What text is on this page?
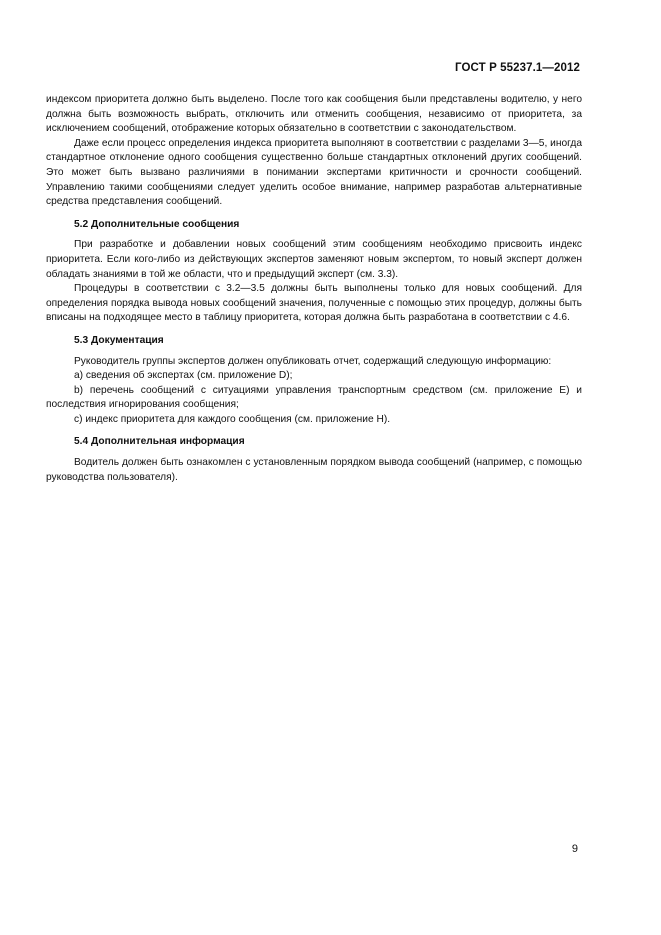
ГОСТ Р 55237.1—2012

индексом приоритета должно быть выделено. После того как сообщения были представлены водителю, у него должна быть возможность выбрать, отключить или отменить сообщения, независимо от приоритета, за исключением сообщений, отображение которых обязательно в соответствии с законодательством.

Даже если процесс определения индекса приоритета выполняют в соответствии с разделами 3—5, иногда стандартное отклонение одного сообщения существенно больше стандартных отклонений других сообщений. Это может быть вызвано различиями в понимании экспертами критичности и срочности сообщений. Управлению такими сообщениями следует уделить особое внимание, например разработав альтернативные средства представления сообщений.

5.2 Дополнительные сообщения

При разработке и добавлении новых сообщений этим сообщениям необходимо присвоить индекс приоритета. Если кого-либо из действующих экспертов заменяют новым экспертом, то новый эксперт должен обладать знаниями в той же области, что и предыдущий эксперт (см. 3.3).

Процедуры в соответствии с 3.2—3.5 должны быть выполнены только для новых сообщений. Для определения порядка вывода новых сообщений значения, полученные с помощью этих процедур, должны быть вписаны на подходящее место в таблицу приоритета, которая должна быть разработана в соответствии с 4.6.

5.3 Документация

Руководитель группы экспертов должен опубликовать отчет, содержащий следующую информацию:

а) сведения об экспертах (см. приложение D);

b) перечень сообщений с ситуациями управления транспортным средством (см. приложение E) и последствия игнорирования сообщения;

с) индекс приоритета для каждого сообщения (см. приложение H).

5.4 Дополнительная информация

Водитель должен быть ознакомлен с установленным порядком вывода сообщений (например, с помощью руководства пользователя).

9
